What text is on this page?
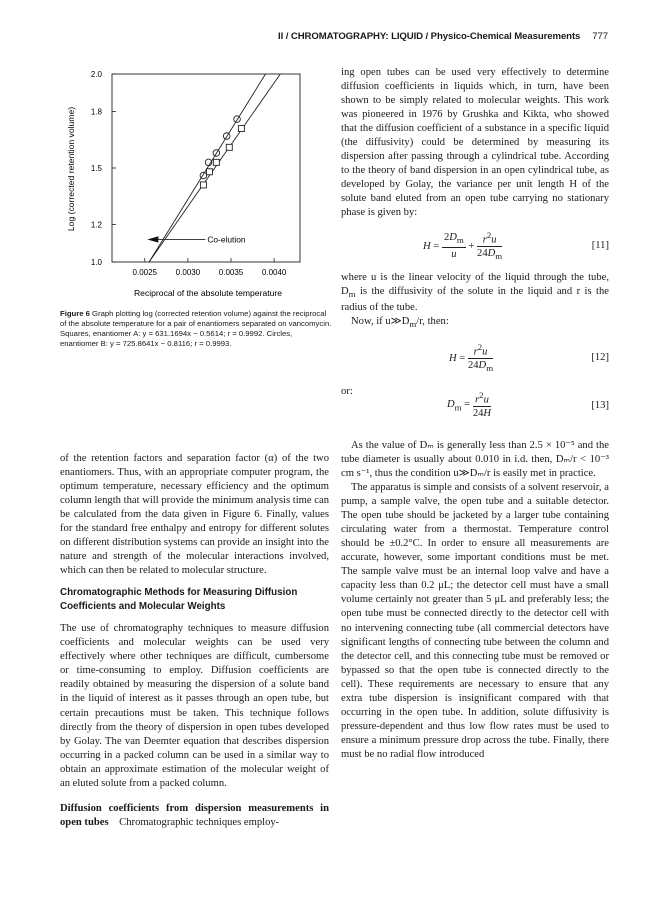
II / CHROMATOGRAPHY: LIQUID / Physico-Chemical Measurements 777
1.0
1.2
1.5
1.8
2.0
0.0025 0.0030 0.0035 0.0040
Co-elution
Log (corrected retention volume)
Reciprocal of the absolute temperature
Figure 6 Graph plotting log (corrected retention volume) against the reciprocal of the absolute temperature for a pair of enantiomers separated on vancomycin. Squares, enantiomer A: y = 631.1694x − 0.5614; r = 0.9992. Circles, enantiomer B: y = 725.8641x − 0.8116; r = 0.9993.

of the retention factors and separation factor (α) of the two enantiomers. Thus, with an appropriate computer program, the optimum temperature, necessary efficiency and the optimum column length that will provide the minimum analysis time can be calculated from the data given in Figure 6. Finally, values for the standard free enthalpy and entropy for different solutes on different distribution systems can provide an insight into the nature and strength of the molecular interactions involved, which can then be related to molecular structure.

Chromatographic Methods for Measuring Diffusion Coefficients and Molecular Weights

The use of chromatography techniques to measure diffusion coefficients and molecular weights can be used very effectively where other techniques are difficult, cumbersome or time-consuming to employ. Diffusion coefficients are readily obtained by measuring the dispersion of a solute band in the liquid of interest as it passes through an open tube, but certain precautions must be taken. This technique follows directly from the theory of dispersion in open tubes developed by Golay. The van Deemter equation that describes dispersion occurring in a packed column can be used in a similar way to obtain an approximate estimation of the molecular weight of an eluted solute from a packed column.

Diffusion coefficients from dispersion measurements in open tubes  Chromatographic techniques employ-

ing open tubes can be used very effectively to determine diffusion coefficients in liquids which, in turn, have been shown to be simply related to molecular weights. This work was pioneered in 1976 by Grushka and Kikta, who showed that the diffusion coefficient of a substance in a specific liquid (the diffusivity) could be determined by measuring its dispersion after passing through a cylindrical tube. According to the theory of band dispersion in an open cylindrical tube, as developed by Golay, the variance per unit length H of the solute band eluted from an open tube carrying no stationary phase is given by:

$H = \frac{2D_m}{u} + \frac{r^2u}{24D_m}$	[11]

where u is the linear velocity of the liquid through the tube, $D_m$ is the diffusivity of the solute in the liquid and r is the radius of the tube.

Now, if $u≫D_m/r$, then:

$H = \frac{r^2u}{24D_m}$	[12]
or:
$D_m = \frac{r^2u}{24H}$	[13]

As the value of Dₘ is generally less than 2.5 × 10⁻⁵ and the tube diameter is usually about 0.010 in i.d. then, Dₘ/r < 10⁻³ cm s⁻¹, thus the condition u≫Dₘ/r is easily met in practice.

The apparatus is simple and consists of a solvent reservoir, a pump, a sample valve, the open tube and a suitable detector. The open tube should be jacketed by a larger tube containing circulating water from a thermostat. Temperature control should be ±0.2°C. In order to ensure all measurements are accurate, however, some important conditions must be met. The sample valve must be an internal loop valve and have a capacity less than 0.2 μL; the detector cell must have a small volume certainly not greater than 5 μL and preferably less; the open tube must be connected directly to the detector cell with no intervening connecting tube (all commercial detectors have significant lengths of connecting tube between the column and the detector cell, and this connecting tube must be removed or bypassed so that the open tube is connected directly to the cell). These requirements are necessary to ensure that any extra tube dispersion is insignificant compared with that occurring in the open tube. In addition, solute diffusivity is pressure-dependent and thus low flow rates must be used to ensure a minimum pressure drop across the tube. Finally, there must be no radial flow introduced
